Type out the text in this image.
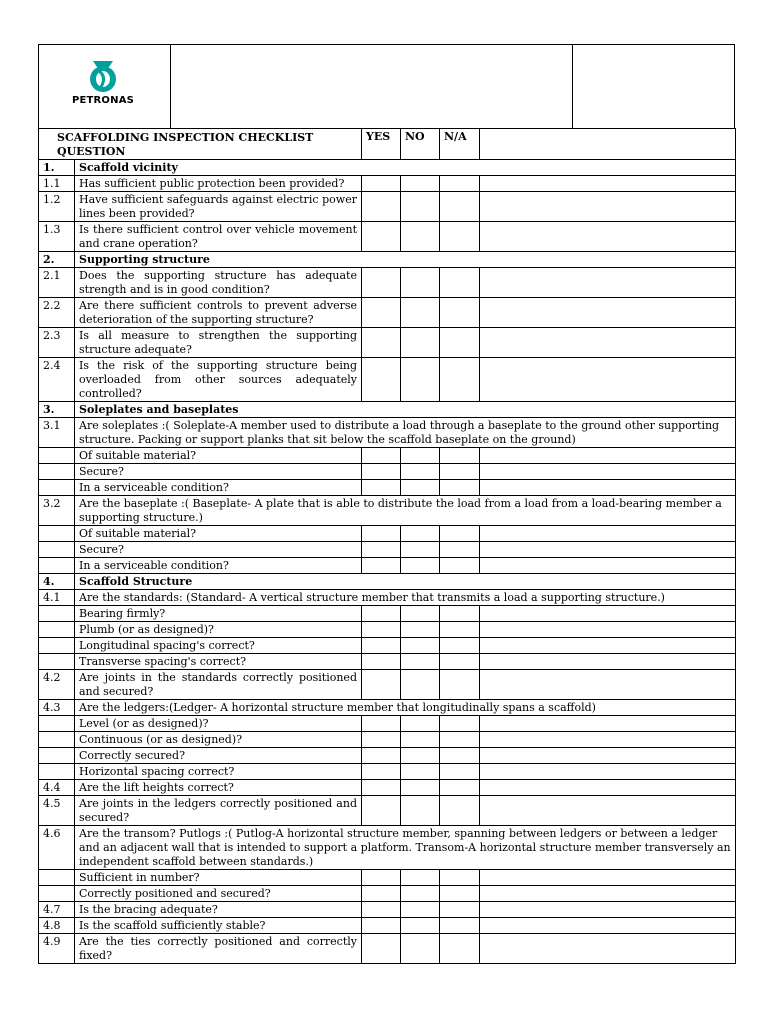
PETRONAS
SCAFFOLDING INSPECTION CHECKLIST QUESTION		YES	NO	N/A	
1.	Scaffold vicinity				
1.1	Has sufficient public protection been provided?				
1.2	Have sufficient safeguards against electric power lines been provided?				
1.3	Is there sufficient control over vehicle movement and crane operation?				
2.	Supporting structure				
2.1	Does the supporting structure has adequate strength and is in good condition?				
2.2	Are there sufficient controls to prevent adverse deterioration of the supporting structure?				
2.3	Is all measure to strengthen the supporting structure adequate?				
2.4	Is the risk of the supporting structure being overloaded from other sources adequately controlled?				
3.	Soleplates and baseplates				
3.1	Are soleplates :( Soleplate-A member used to distribute a load through a baseplate to the ground other supporting structure. Packing or support planks that sit below the scaffold baseplate on the ground)				
	Of suitable material?				
	Secure?				
	In a serviceable condition?				
3.2	Are the baseplate :( Baseplate- A plate that is able to distribute the load from a load from a load-bearing member a supporting structure.)				
	Of suitable material?				
	Secure?				
	In a serviceable condition?				
4.	Scaffold Structure				
4.1	Are the standards: (Standard- A vertical structure member that transmits a load a supporting structure.)				
	Bearing firmly?				
	Plumb (or as designed)?				
	Longitudinal spacing's correct?				
	Transverse spacing's correct?				
4.2	Are joints in the standards correctly positioned and secured?				
4.3	Are the ledgers:(Ledger- A horizontal structure member that longitudinally spans a scaffold)				
	Level (or as designed)?				
	Continuous (or as designed)?				
	Correctly secured?				
	Horizontal spacing correct?				
4.4	Are the lift heights correct?				
4.5	Are joints in the ledgers correctly positioned and secured?				
4.6	Are the transom? Putlogs :( Putlog-A horizontal structure member, spanning between ledgers or between a ledger and an adjacent wall that is intended to support a platform. Transom-A horizontal structure member transversely an independent scaffold between standards.)				
	Sufficient in number?				
	Correctly positioned and secured?				
4.7	Is the bracing adequate?				
4.8	Is the scaffold sufficiently stable?				
4.9	Are the ties correctly positioned and correctly fixed?				
